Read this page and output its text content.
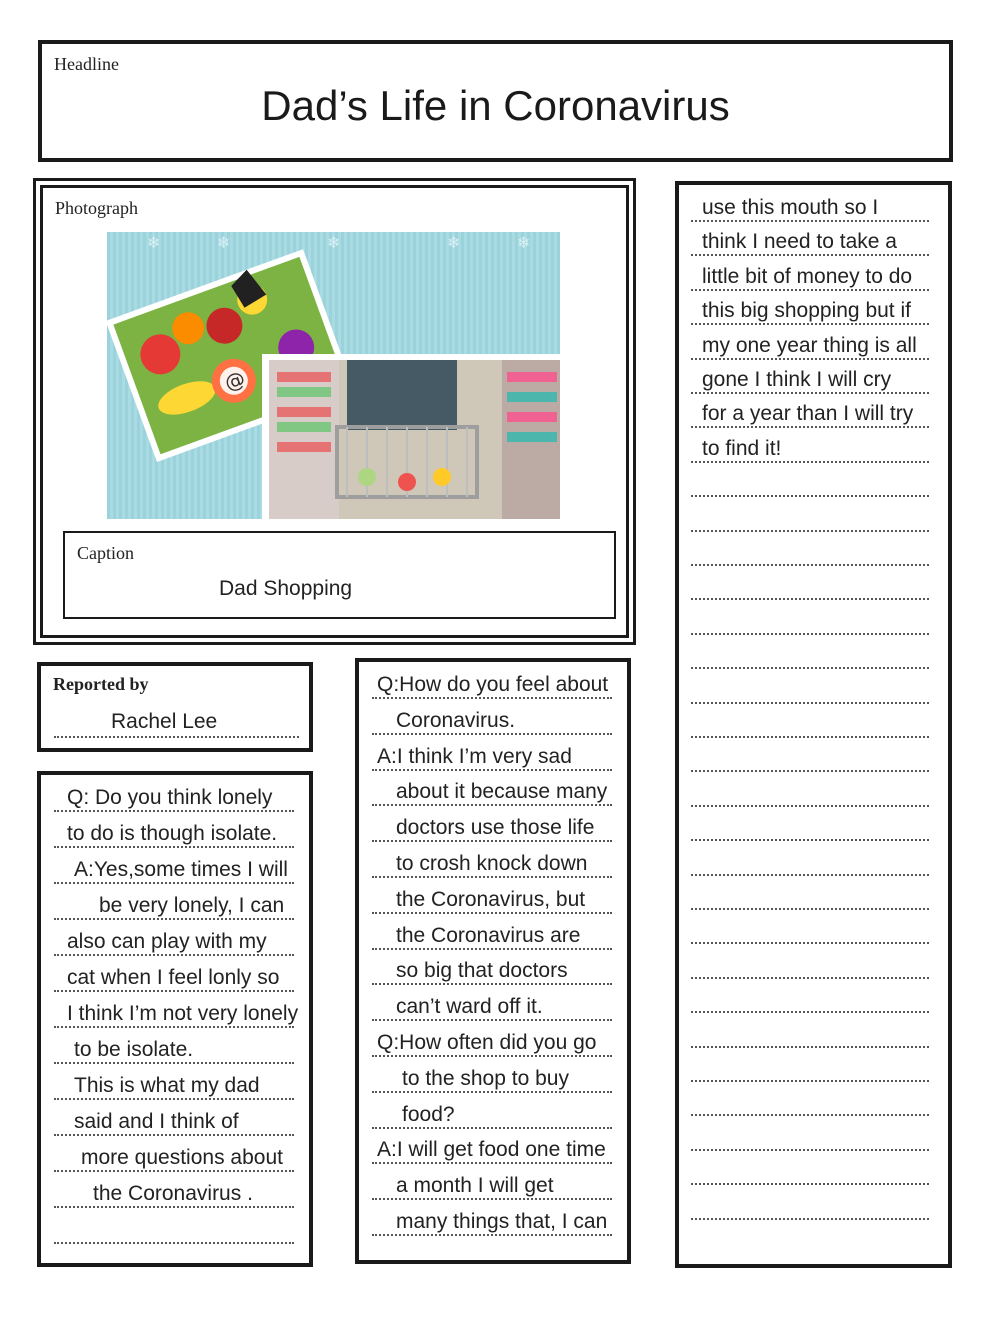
Headline
Dad’s Life in Coronavirus
Photograph
❄	❄	❄	❄	❄
@
Caption
Dad Shopping
Reported by
Rachel Lee
Q: Do you think lonely
to do is though isolate.
A:Yes,some times I will
be very lonely, I can
also can play with my
cat when I feel lonly so
I think I’m not very lonely
to be isolate.
This is what my dad
said and I think of
more questions about
the Coronavirus .
Q:How do you feel about
Coronavirus.
A:I think I’m very sad
about it because many
doctors use those life
to crosh knock down
the Coronavirus, but
the Coronavirus are
so big that doctors
can’t ward off it.
Q:How often did you go
to the shop to buy
food?
A:I will get food one time
a month I will get
many things that, I can
use this mouth so I
think I need to take a
little bit of money to do
this big shopping but if
my one year thing is all
gone I think I will cry
for a year than I will try
to find it!
